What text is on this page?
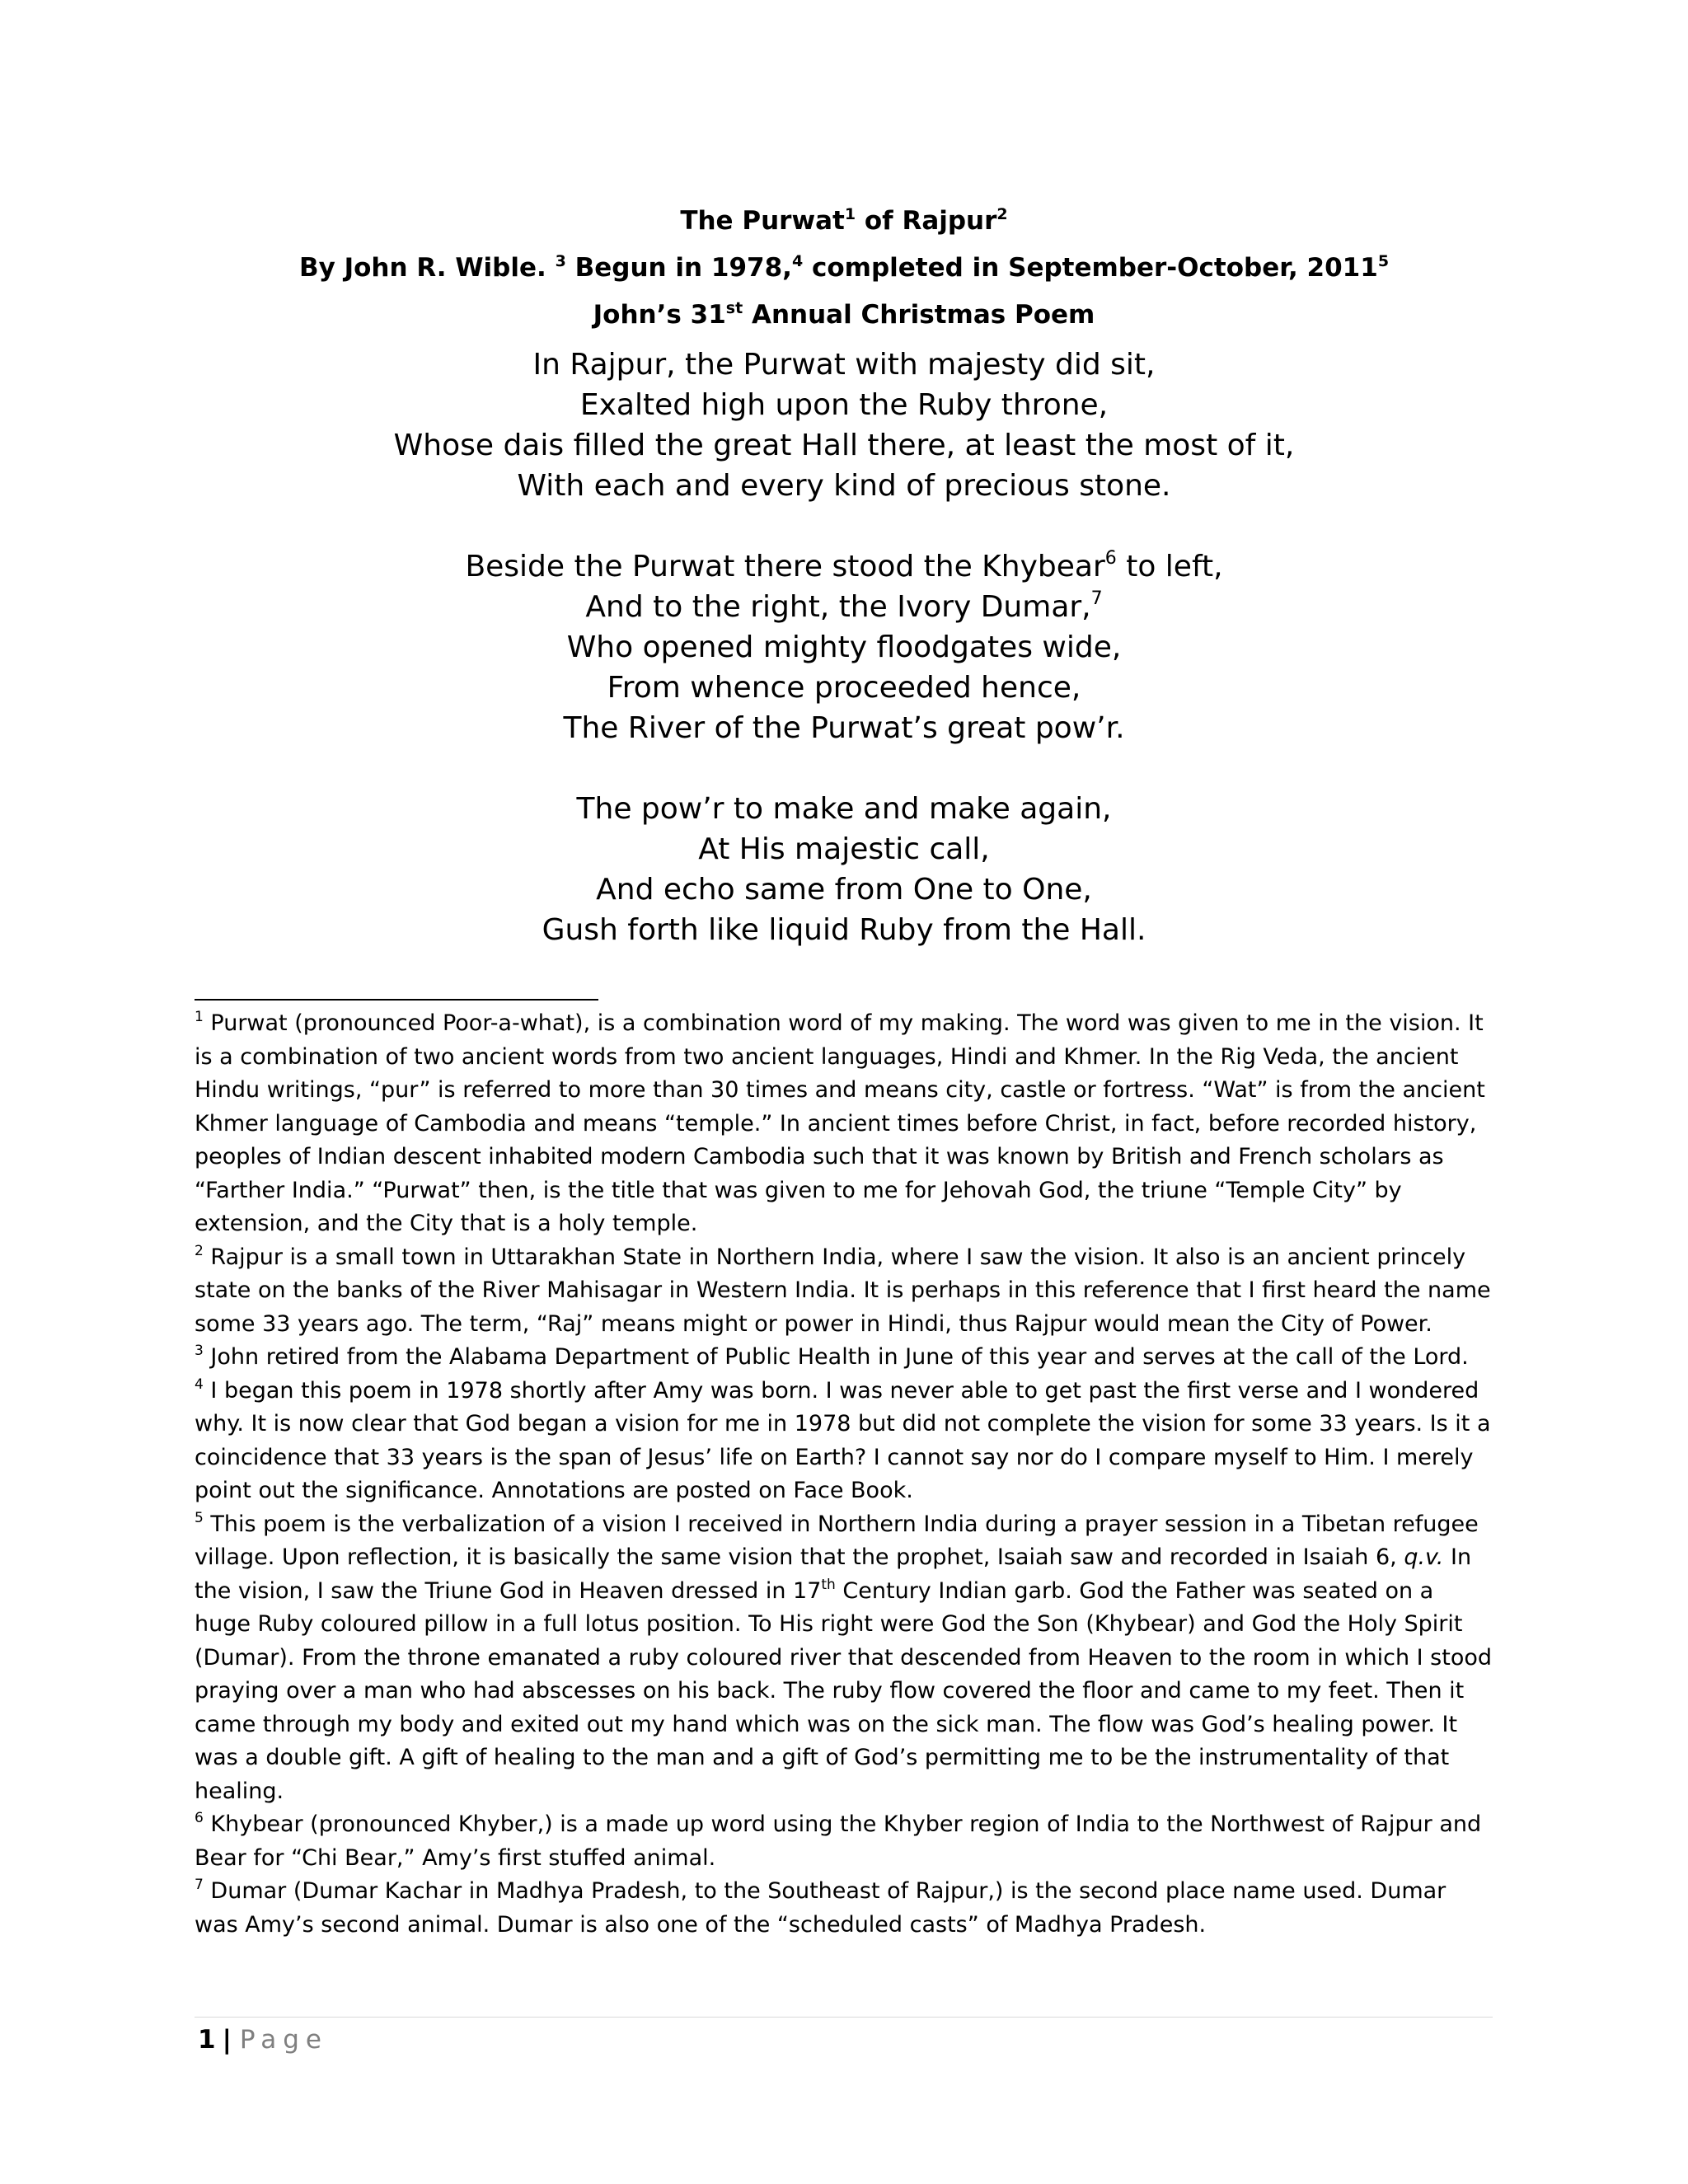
The Purwat$^1$ of Rajpur$^2$
By John R. Wible. $^3$ Begun in 1978,$^4$ completed in September-October, 2011$^5$
John’s 31st Annual Christmas Poem
In Rajpur, the Purwat with majesty did sit,
Exalted high upon the Ruby throne,
Whose dais filled the great Hall there, at least the most of it,
With each and every kind of precious stone.
Beside the Purwat there stood the Khybear$^6$ to left,
And to the right, the Ivory Dumar,$^7$
Who opened mighty floodgates wide,
From whence proceeded hence,
The River of the Purwat’s great pow’r.
The pow’r to make and make again,
At His majestic call,
And echo same from One to One,
Gush forth like liquid Ruby from the Hall.

$^1$ Purwat (pronounced Poor-a-what), is a combination word of my making. The word was given to me in the vision. It is a combination of two ancient words from two ancient languages, Hindi and Khmer. In the Rig Veda, the ancient Hindu writings, “pur” is referred to more than 30 times and means city, castle or fortress. “Wat” is from the ancient Khmer language of Cambodia and means “temple.” In ancient times before Christ, in fact, before recorded history, peoples of Indian descent inhabited modern Cambodia such that it was known by British and French scholars as “Farther India.” “Purwat” then, is the title that was given to me for Jehovah God, the triune “Temple City” by extension, and the City that is a holy temple.

$^2$ Rajpur is a small town in Uttarakhan State in Northern India, where I saw the vision. It also is an ancient princely state on the banks of the River Mahisagar in Western India. It is perhaps in this reference that I first heard the name some 33 years ago. The term, “Raj” means might or power in Hindi, thus Rajpur would mean the City of Power.

$^3$ John retired from the Alabama Department of Public Health in June of this year and serves at the call of the Lord.

$^4$ I began this poem in 1978 shortly after Amy was born. I was never able to get past the first verse and I wondered why. It is now clear that God began a vision for me in 1978 but did not complete the vision for some 33 years. Is it a coincidence that 33 years is the span of Jesus’ life on Earth? I cannot say nor do I compare myself to Him. I merely point out the significance. Annotations are posted on Face Book.

$^5$ This poem is the verbalization of a vision I received in Northern India during a prayer session in a Tibetan refugee village. Upon reflection, it is basically the same vision that the prophet, Isaiah saw and recorded in Isaiah 6, q.v. In the vision, I saw the Triune God in Heaven dressed in 17th Century Indian garb. God the Father was seated on a huge Ruby coloured pillow in a full lotus position. To His right were God the Son (Khybear) and God the Holy Spirit (Dumar). From the throne emanated a ruby coloured river that descended from Heaven to the room in which I stood praying over a man who had abscesses on his back. The ruby flow covered the floor and came to my feet. Then it came through my body and exited out my hand which was on the sick man. The flow was God’s healing power. It was a double gift. A gift of healing to the man and a gift of God’s permitting me to be the instrumentality of that healing.

$^6$ Khybear (pronounced Khyber,) is a made up word using the Khyber region of India to the Northwest of Rajpur and Bear for “Chi Bear,” Amy’s first stuffed animal.

$^7$ Dumar (Dumar Kachar in Madhya Pradesh, to the Southeast of Rajpur,) is the second place name used. Dumar was Amy’s second animal. Dumar is also one of the “scheduled casts” of Madhya Pradesh.

1 | Page
